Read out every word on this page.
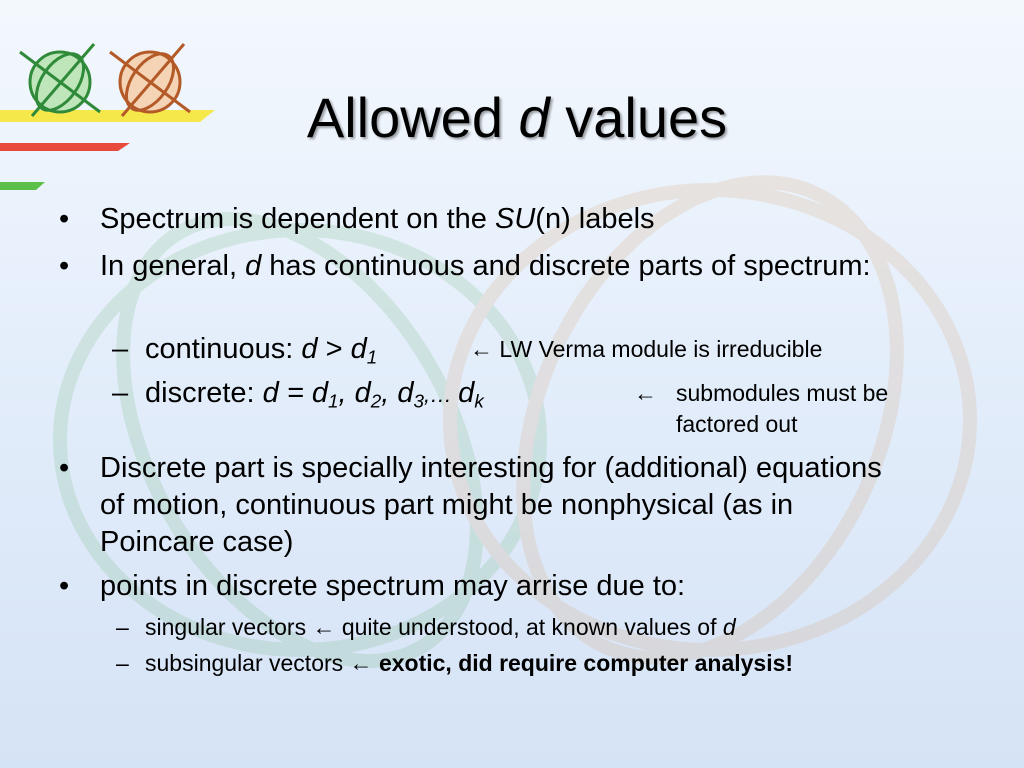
Allowed d values
• Spectrum is dependent on the SU(n) labels
• In general, d has continuous and discrete parts of spectrum:
– continuous: $d > d_1$	← LW Verma module is irreducible
– discrete: $d = d_1$, $d_2$, $d_3,\dots$ $d_k$	← submodules must be
factored out
• Discrete part is specially interesting for (additional) equations of motion, continuous part might be nonphysical (as in Poincare case)
• points in discrete spectrum may arrise due to:
– singular vectors ← quite understood, at known values of d
– subsingular vectors ← exotic, did require computer analysis!
